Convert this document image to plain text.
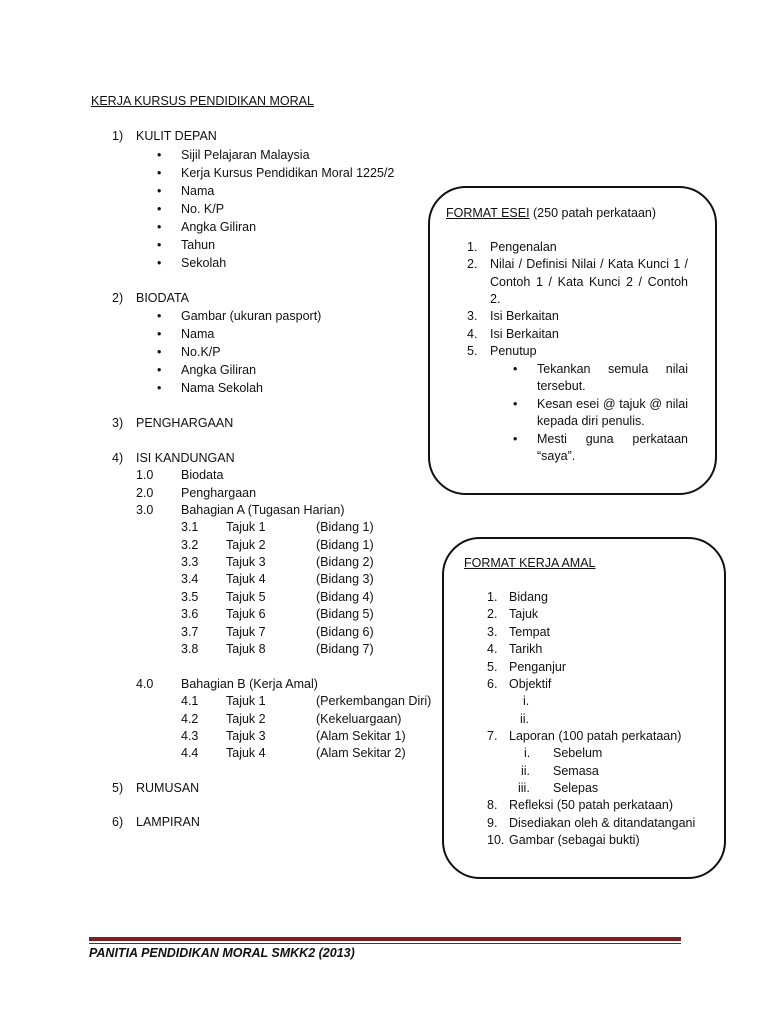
KERJA KURSUS PENDIDIKAN MORAL
1) KULIT DEPAN
• Sijil Pelajaran Malaysia
• Kerja Kursus Pendidikan Moral 1225/2
• Nama
• No. K/P
• Angka Giliran
• Tahun
• Sekolah
2) BIODATA
• Gambar (ukuran pasport)
• Nama
• No.K/P
• Angka Giliran
• Nama Sekolah
3) PENGHARGAAN
4) ISI KANDUNGAN
1.0 Biodata
2.0 Penghargaan
3.0 Bahagian A (Tugasan Harian)
3.1 Tajuk 1	(Bidang 1)
3.2 Tajuk 2	(Bidang 1)
3.3 Tajuk 3	(Bidang 2)
3.4 Tajuk 4	(Bidang 3)
3.5 Tajuk 5	(Bidang 4)
3.6 Tajuk 6	(Bidang 5)
3.7 Tajuk 7	(Bidang 6)
3.8 Tajuk 8	(Bidang 7)
4.0 Bahagian B (Kerja Amal)
4.1 Tajuk 1	(Perkembangan Diri)
4.2 Tajuk 2	(Kekeluargaan)
4.3 Tajuk 3	(Alam Sekitar 1)
4.4 Tajuk 4	(Alam Sekitar 2)
5) RUMUSAN
6) LAMPIRAN
FORMAT ESEI (250 patah perkataan)
1. Pengenalan
2. Nilai / Definisi Nilai / Kata Kunci 1 /
Contoh 1 / Kata Kunci 2 / Contoh
2.
3. Isi Berkaitan
4. Isi Berkaitan
5. Penutup
• Tekankan semula nilai
tersebut.
• Kesan esei @ tajuk @ nilai
kepada diri penulis.
• Mesti guna perkataan
“saya”.
FORMAT KERJA AMAL
1. Bidang
2. Tajuk
3. Tempat
4. Tarikh
5. Penganjur
6. Objektif
i.
ii.
7. Laporan (100 patah perkataan)
i. Sebelum
ii. Semasa
iii. Selepas
8. Refleksi (50 patah perkataan)
9. Disediakan oleh & ditandatangani
10. Gambar (sebagai bukti)
PANITIA PENDIDIKAN MORAL SMKK2 (2013)
